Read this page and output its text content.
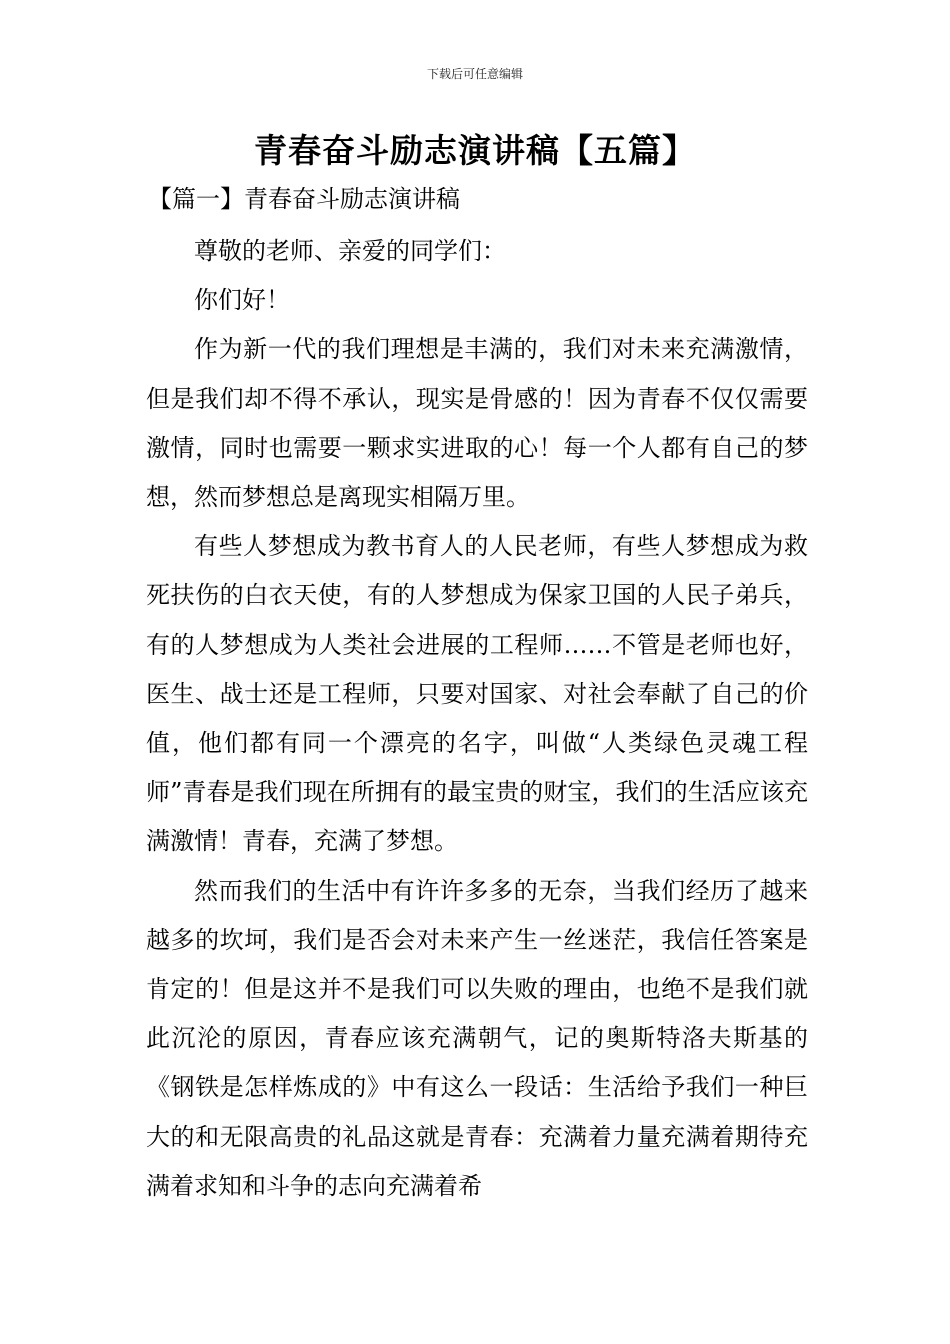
下载后可任意编辑
青春奋斗励志演讲稿【五篇】
【篇一】青春奋斗励志演讲稿

尊敬的老师、亲爱的同学们：

你们好！

作为新一代的我们理想是丰满的，我们对未来充满激情，但是我们却不得不承认，现实是骨感的！因为青春不仅仅需要激情，同时也需要一颗求实进取的心！每一个人都有自己的梦想，然而梦想总是离现实相隔万里。

有些人梦想成为教书育人的人民老师，有些人梦想成为救死扶伤的白衣天使，有的人梦想成为保家卫国的人民子弟兵，有的人梦想成为人类社会进展的工程师……不管是老师也好，医生、战士还是工程师，只要对国家、对社会奉献了自己的价值，他们都有同一个漂亮的名字，叫做“人类绿色灵魂工程师”青春是我们现在所拥有的最宝贵的财宝，我们的生活应该充满激情！青春，充满了梦想。

然而我们的生活中有许许多多的无奈，当我们经历了越来越多的坎坷，我们是否会对未来产生一丝迷茫，我信任答案是肯定的！但是这并不是我们可以失败的理由，也绝不是我们就此沉沦的原因，青春应该充满朝气，记的奥斯特洛夫斯基的《钢铁是怎样炼成的》中有这么一段话：生活给予我们一种巨大的和无限高贵的礼品这就是青春：充满着力量充满着期待充满着求知和斗争的志向充满着希
